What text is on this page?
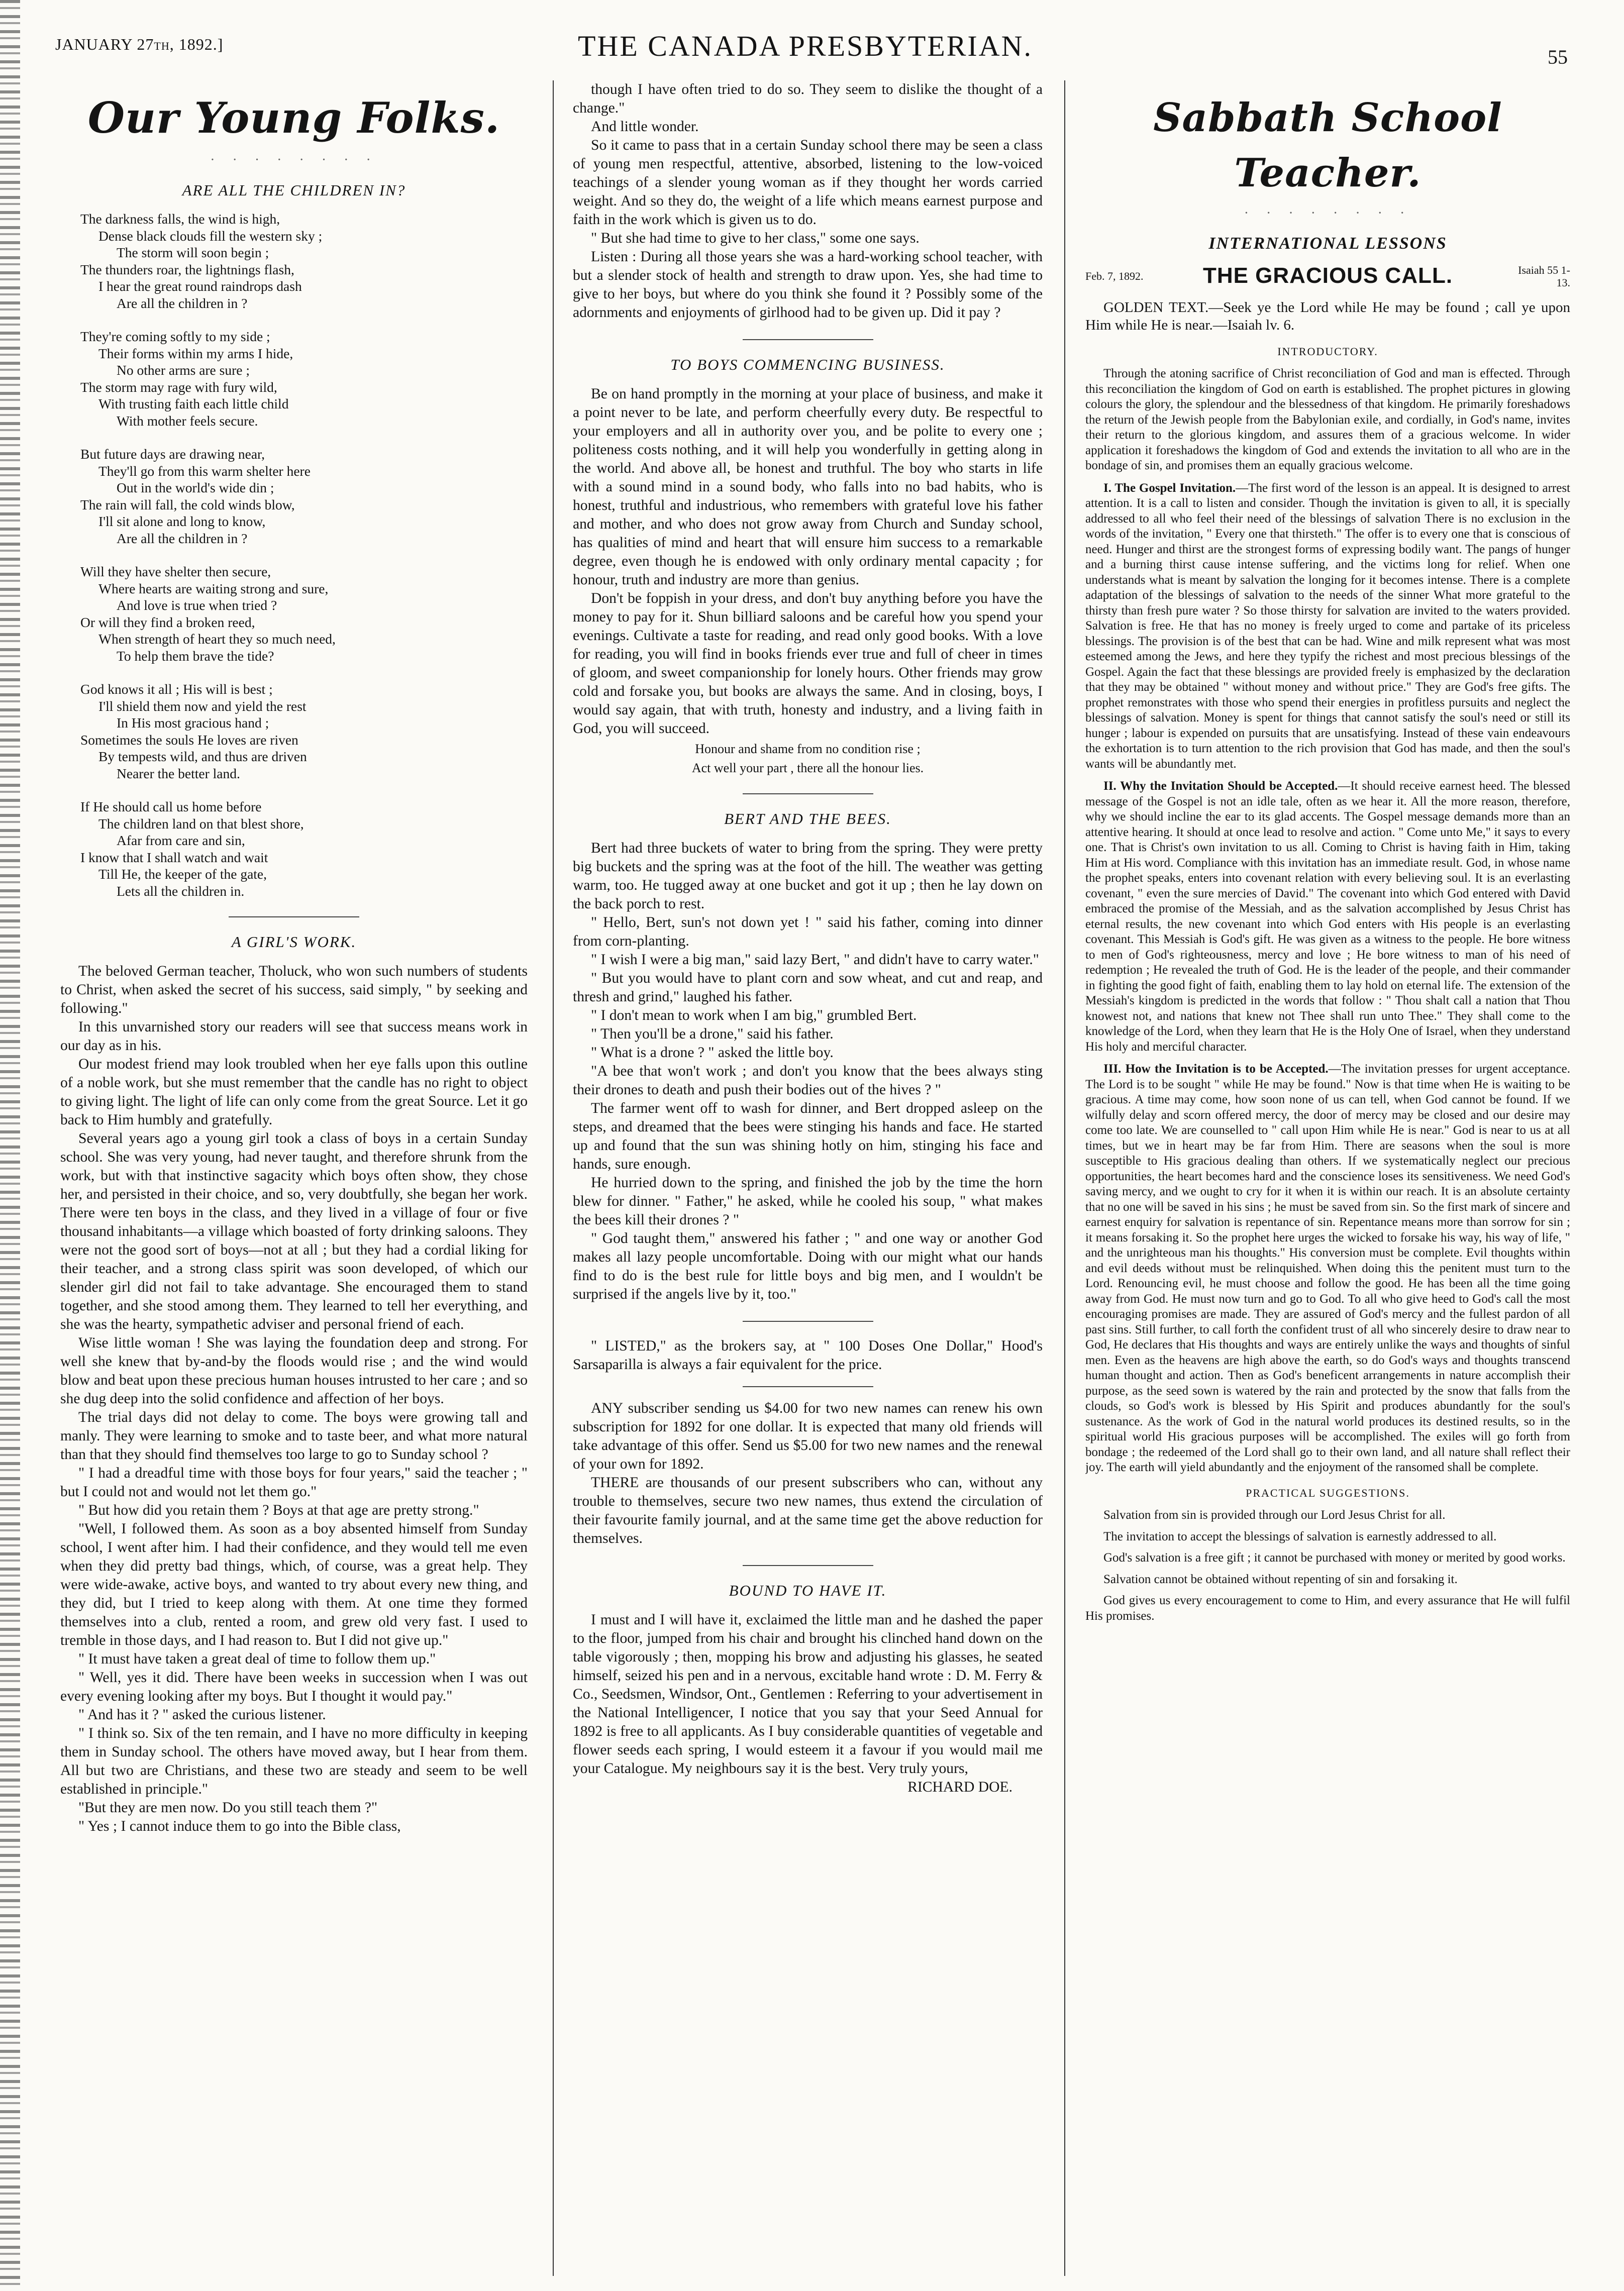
JANUARY 27th, 1892.]	THE CANADA PRESBYTERIAN.	55
Our Young Folks.
· · · · · · · ·
ARE ALL THE CHILDREN IN?
The darkness falls, the wind is high,
Dense black clouds fill the western sky ;
The storm will soon begin ;
The thunders roar, the lightnings flash,
I hear the great round raindrops dash
Are all the children in ?
They're coming softly to my side ;
Their forms within my arms I hide,
No other arms are sure ;
The storm may rage with fury wild,
With trusting faith each little child
With mother feels secure.
But future days are drawing near,
They'll go from this warm shelter here
Out in the world's wide din ;
The rain will fall, the cold winds blow,
I'll sit alone and long to know,
Are all the children in ?
Will they have shelter then secure,
Where hearts are waiting strong and sure,
And love is true when tried ?
Or will they find a broken reed,
When strength of heart they so much need,
To help them brave the tide?
God knows it all ; His will is best ;
I'll shield them now and yield the rest
In His most gracious hand ;
Sometimes the souls He loves are riven
By tempests wild, and thus are driven
Nearer the better land.
If He should call us home before
The children land on that blest shore,
Afar from care and sin,
I know that I shall watch and wait
Till He, the keeper of the gate,
Lets all the children in.
A GIRL'S WORK.

The beloved German teacher, Tholuck, who won such numbers of students to Christ, when asked the secret of his success, said simply, " by seeking and following."

In this unvarnished story our readers will see that success means work in our day as in his.

Our modest friend may look troubled when her eye falls upon this outline of a noble work, but she must remember that the candle has no right to object to giving light. The light of life can only come from the great Source. Let it go back to Him humbly and gratefully.

Several years ago a young girl took a class of boys in a certain Sunday school. She was very young, had never taught, and therefore shrunk from the work, but with that instinctive sagacity which boys often show, they chose her, and persisted in their choice, and so, very doubtfully, she began her work. There were ten boys in the class, and they lived in a village of four or five thousand inhabitants—a village which boasted of forty drinking saloons. They were not the good sort of boys—not at all ; but they had a cordial liking for their teacher, and a strong class spirit was soon developed, of which our slender girl did not fail to take advantage. She encouraged them to stand together, and she stood among them. They learned to tell her everything, and she was the hearty, sympathetic adviser and personal friend of each.

Wise little woman ! She was laying the foundation deep and strong. For well she knew that by-and-by the floods would rise ; and the wind would blow and beat upon these precious human houses intrusted to her care ; and so she dug deep into the solid confidence and affection of her boys.

The trial days did not delay to come. The boys were growing tall and manly. They were learning to smoke and to taste beer, and what more natural than that they should find themselves too large to go to Sunday school ?

" I had a dreadful time with those boys for four years," said the teacher ; " but I could not and would not let them go."

" But how did you retain them ? Boys at that age are pretty strong."

"Well, I followed them. As soon as a boy absented himself from Sunday school, I went after him. I had their confidence, and they would tell me even when they did pretty bad things, which, of course, was a great help. They were wide-awake, active boys, and wanted to try about every new thing, and they did, but I tried to keep along with them. At one time they formed themselves into a club, rented a room, and grew old very fast. I used to tremble in those days, and I had reason to. But I did not give up."

" It must have taken a great deal of time to follow them up."

" Well, yes it did. There have been weeks in succession when I was out every evening looking after my boys. But I thought it would pay."

" And has it ? " asked the curious listener.

" I think so. Six of the ten remain, and I have no more difficulty in keeping them in Sunday school. The others have moved away, but I hear from them. All but two are Christians, and these two are steady and seem to be well established in principle."

"But they are men now. Do you still teach them ?"

" Yes ; I cannot induce them to go into the Bible class,

though I have often tried to do so. They seem to dislike the thought of a change."

And little wonder.

So it came to pass that in a certain Sunday school there may be seen a class of young men respectful, attentive, absorbed, listening to the low-voiced teachings of a slender young woman as if they thought her words carried weight. And so they do, the weight of a life which means earnest purpose and faith in the work which is given us to do.

" But she had time to give to her class," some one says.

Listen : During all those years she was a hard-working school teacher, with but a slender stock of health and strength to draw upon. Yes, she had time to give to her boys, but where do you think she found it ? Possibly some of the adornments and enjoyments of girlhood had to be given up. Did it pay ?

TO BOYS COMMENCING BUSINESS.

Be on hand promptly in the morning at your place of business, and make it a point never to be late, and perform cheerfully every duty. Be respectful to your employers and all in authority over you, and be polite to every one ; politeness costs nothing, and it will help you wonderfully in getting along in the world. And above all, be honest and truthful. The boy who starts in life with a sound mind in a sound body, who falls into no bad habits, who is honest, truthful and industrious, who remembers with grateful love his father and mother, and who does not grow away from Church and Sunday school, has qualities of mind and heart that will ensure him success to a remarkable degree, even though he is endowed with only ordinary mental capacity ; for honour, truth and industry are more than genius.

Don't be foppish in your dress, and don't buy anything before you have the money to pay for it. Shun billiard saloons and be careful how you spend your evenings. Cultivate a taste for reading, and read only good books. With a love for reading, you will find in books friends ever true and full of cheer in times of gloom, and sweet companionship for lonely hours. Other friends may grow cold and forsake you, but books are always the same. And in closing, boys, I would say again, that with truth, honesty and industry, and a living faith in God, you will succeed.

Honour and shame from no condition rise ;
Act well your part , there all the honour lies.
BERT AND THE BEES.

Bert had three buckets of water to bring from the spring. They were pretty big buckets and the spring was at the foot of the hill. The weather was getting warm, too. He tugged away at one bucket and got it up ; then he lay down on the back porch to rest.

" Hello, Bert, sun's not down yet ! " said his father, coming into dinner from corn-planting.

" I wish I were a big man," said lazy Bert, " and didn't have to carry water."

" But you would have to plant corn and sow wheat, and cut and reap, and thresh and grind," laughed his father.

" I don't mean to work when I am big," grumbled Bert.

" Then you'll be a drone," said his father.

" What is a drone ? " asked the little boy.

"A bee that won't work ; and don't you know that the bees always sting their drones to death and push their bodies out of the hives ? "

The farmer went off to wash for dinner, and Bert dropped asleep on the steps, and dreamed that the bees were stinging his hands and face. He started up and found that the sun was shining hotly on him, stinging his face and hands, sure enough.

He hurried down to the spring, and finished the job by the time the horn blew for dinner. " Father," he asked, while he cooled his soup, " what makes the bees kill their drones ? "

" God taught them," answered his father ; " and one way or another God makes all lazy people uncomfortable. Doing with our might what our hands find to do is the best rule for little boys and big men, and I wouldn't be surprised if the angels live by it, too."

" LISTED," as the brokers say, at " 100 Doses One Dollar," Hood's Sarsaparilla is always a fair equivalent for the price.

ANY subscriber sending us $4.00 for two new names can renew his own subscription for 1892 for one dollar. It is expected that many old friends will take advantage of this offer. Send us $5.00 for two new names and the renewal of your own for 1892.

THERE are thousands of our present subscribers who can, without any trouble to themselves, secure two new names, thus extend the circulation of their favourite family journal, and at the same time get the above reduction for themselves.

BOUND TO HAVE IT.

I must and I will have it, exclaimed the little man and he dashed the paper to the floor, jumped from his chair and brought his clinched hand down on the table vigorously ; then, mopping his brow and adjusting his glasses, he seated himself, seized his pen and in a nervous, excitable hand wrote : D. M. Ferry & Co., Seedsmen, Windsor, Ont., Gentlemen : Referring to your advertisement in the National Intelligencer, I notice that you say that your Seed Annual for 1892 is free to all applicants. As I buy considerable quantities of vegetable and flower seeds each spring, I would esteem it a favour if you would mail me your Catalogue. My neighbours say it is the best. Very truly yours,

RICHARD DOE.
Sabbath School Teacher.
· · · · · · · ·
INTERNATIONAL LESSONS
Feb. 7, 1892.	THE GRACIOUS CALL.	Isaiah 55 1-13.

GOLDEN TEXT.—Seek ye the Lord while He may be found ; call ye upon Him while He is near.—Isaiah lv. 6.

INTRODUCTORY.

Through the atoning sacrifice of Christ reconciliation of God and man is effected. Through this reconciliation the kingdom of God on earth is established. The prophet pictures in glowing colours the glory, the splendour and the blessedness of that kingdom. He primarily foreshadows the return of the Jewish people from the Babylonian exile, and cordially, in God's name, invites their return to the glorious kingdom, and assures them of a gracious welcome. In wider application it foreshadows the kingdom of God and extends the invitation to all who are in the bondage of sin, and promises them an equally gracious welcome.

I. The Gospel Invitation.—The first word of the lesson is an appeal. It is designed to arrest attention. It is a call to listen and consider. Though the invitation is given to all, it is specially addressed to all who feel their need of the blessings of salvation There is no exclusion in the words of the invitation, " Every one that thirsteth." The offer is to every one that is conscious of need. Hunger and thirst are the strongest forms of expressing bodily want. The pangs of hunger and a burning thirst cause intense suffering, and the victims long for relief. When one understands what is meant by salvation the longing for it becomes intense. There is a complete adaptation of the blessings of salvation to the needs of the sinner What more grateful to the thirsty than fresh pure water ? So those thirsty for salvation are invited to the waters provided. Salvation is free. He that has no money is freely urged to come and partake of its priceless blessings. The provision is of the best that can be had. Wine and milk represent what was most esteemed among the Jews, and here they typify the richest and most precious blessings of the Gospel. Again the fact that these blessings are provided freely is emphasized by the declaration that they may be obtained " without money and without price." They are God's free gifts. The prophet remonstrates with those who spend their energies in profitless pursuits and neglect the blessings of salvation. Money is spent for things that cannot satisfy the soul's need or still its hunger ; labour is expended on pursuits that are unsatisfying. Instead of these vain endeavours the exhortation is to turn attention to the rich provision that God has made, and then the soul's wants will be abundantly met.

II. Why the Invitation Should be Accepted.—It should receive earnest heed. The blessed message of the Gospel is not an idle tale, often as we hear it. All the more reason, therefore, why we should incline the ear to its glad accents. The Gospel message demands more than an attentive hearing. It should at once lead to resolve and action. " Come unto Me," it says to every one. That is Christ's own invitation to us all. Coming to Christ is having faith in Him, taking Him at His word. Compliance with this invitation has an immediate result. God, in whose name the prophet speaks, enters into covenant relation with every believing soul. It is an everlasting covenant, " even the sure mercies of David." The covenant into which God entered with David embraced the promise of the Messiah, and as the salvation accomplished by Jesus Christ has eternal results, the new covenant into which God enters with His people is an everlasting covenant. This Messiah is God's gift. He was given as a witness to the people. He bore witness to men of God's righteousness, mercy and love ; He bore witness to man of his need of redemption ; He revealed the truth of God. He is the leader of the people, and their commander in fighting the good fight of faith, enabling them to lay hold on eternal life. The extension of the Messiah's kingdom is predicted in the words that follow : " Thou shalt call a nation that Thou knowest not, and nations that knew not Thee shall run unto Thee." They shall come to the knowledge of the Lord, when they learn that He is the Holy One of Israel, when they understand His holy and merciful character.

III. How the Invitation is to be Accepted.—The invitation presses for urgent acceptance. The Lord is to be sought " while He may be found." Now is that time when He is waiting to be gracious. A time may come, how soon none of us can tell, when God cannot be found. If we wilfully delay and scorn offered mercy, the door of mercy may be closed and our desire may come too late. We are counselled to " call upon Him while He is near." God is near to us at all times, but we in heart may be far from Him. There are seasons when the soul is more susceptible to His gracious dealing than others. If we systematically neglect our precious opportunities, the heart becomes hard and the conscience loses its sensitiveness. We need God's saving mercy, and we ought to cry for it when it is within our reach. It is an absolute certainty that no one will be saved in his sins ; he must be saved from sin. So the first mark of sincere and earnest enquiry for salvation is repentance of sin. Repentance means more than sorrow for sin ; it means forsaking it. So the prophet here urges the wicked to forsake his way, his way of life, " and the unrighteous man his thoughts." His conversion must be complete. Evil thoughts within and evil deeds without must be relinquished. When doing this the penitent must turn to the Lord. Renouncing evil, he must choose and follow the good. He has been all the time going away from God. He must now turn and go to God. To all who give heed to God's call the most encouraging promises are made. They are assured of God's mercy and the fullest pardon of all past sins. Still further, to call forth the confident trust of all who sincerely desire to draw near to God, He declares that His thoughts and ways are entirely unlike the ways and thoughts of sinful men. Even as the heavens are high above the earth, so do God's ways and thoughts transcend human thought and action. Then as God's beneficent arrangements in nature accomplish their purpose, as the seed sown is watered by the rain and protected by the snow that falls from the clouds, so God's work is blessed by His Spirit and produces abundantly for the soul's sustenance. As the work of God in the natural world produces its destined results, so in the spiritual world His gracious purposes will be accomplished. The exiles will go forth from bondage ; the redeemed of the Lord shall go to their own land, and all nature shall reflect their joy. The earth will yield abundantly and the enjoyment of the ransomed shall be complete.

PRACTICAL SUGGESTIONS.

Salvation from sin is provided through our Lord Jesus Christ for all.

The invitation to accept the blessings of salvation is earnestly addressed to all.

God's salvation is a free gift ; it cannot be purchased with money or merited by good works.

Salvation cannot be obtained without repenting of sin and forsaking it.

God gives us every encouragement to come to Him, and every assurance that He will fulfil His promises.
